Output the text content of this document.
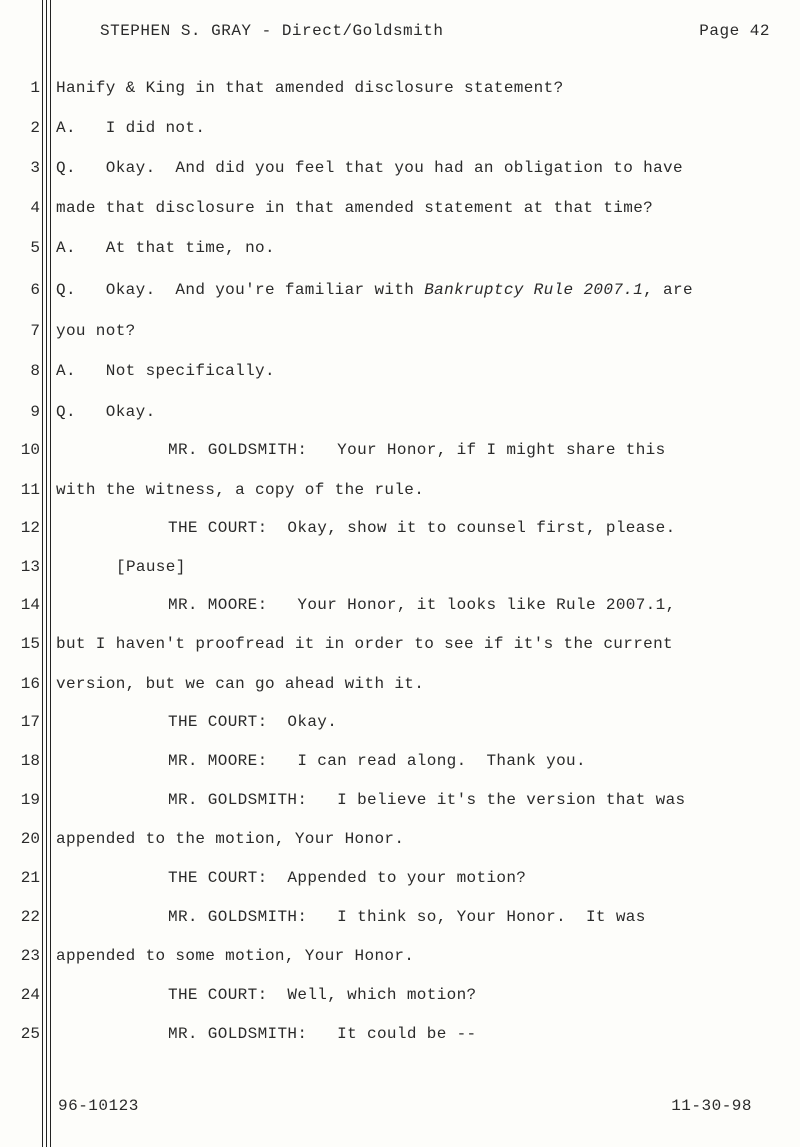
STEPHEN S. GRAY - Direct/Goldsmith	Page 42
1
2
3
4
5
6
7
8
9
10
11
12
13
14
15
16
17
18
19
20
21
22
23
24
25
Hanify & King in that amended disclosure statement?
A.   I did not.
Q.   Okay.  And did you feel that you had an obligation to have
made that disclosure in that amended statement at that time?
A.   At that time, no.
Q.   Okay.  And you're familiar with Bankruptcy Rule 2007.1, are
you not?
A.   Not specifically.
Q.   Okay.
MR. GOLDSMITH:   Your Honor, if I might share this
with the witness, a copy of the rule.
THE COURT:  Okay, show it to counsel first, please.
[Pause]
MR. MOORE:   Your Honor, it looks like Rule 2007.1,
but I haven't proofread it in order to see if it's the current
version, but we can go ahead with it.
THE COURT:  Okay.
MR. MOORE:   I can read along.  Thank you.
MR. GOLDSMITH:   I believe it's the version that was
appended to the motion, Your Honor.
THE COURT:  Appended to your motion?
MR. GOLDSMITH:   I think so, Your Honor.  It was
appended to some motion, Your Honor.
THE COURT:  Well, which motion?
MR. GOLDSMITH:   It could be --
96-10123	11-30-98
